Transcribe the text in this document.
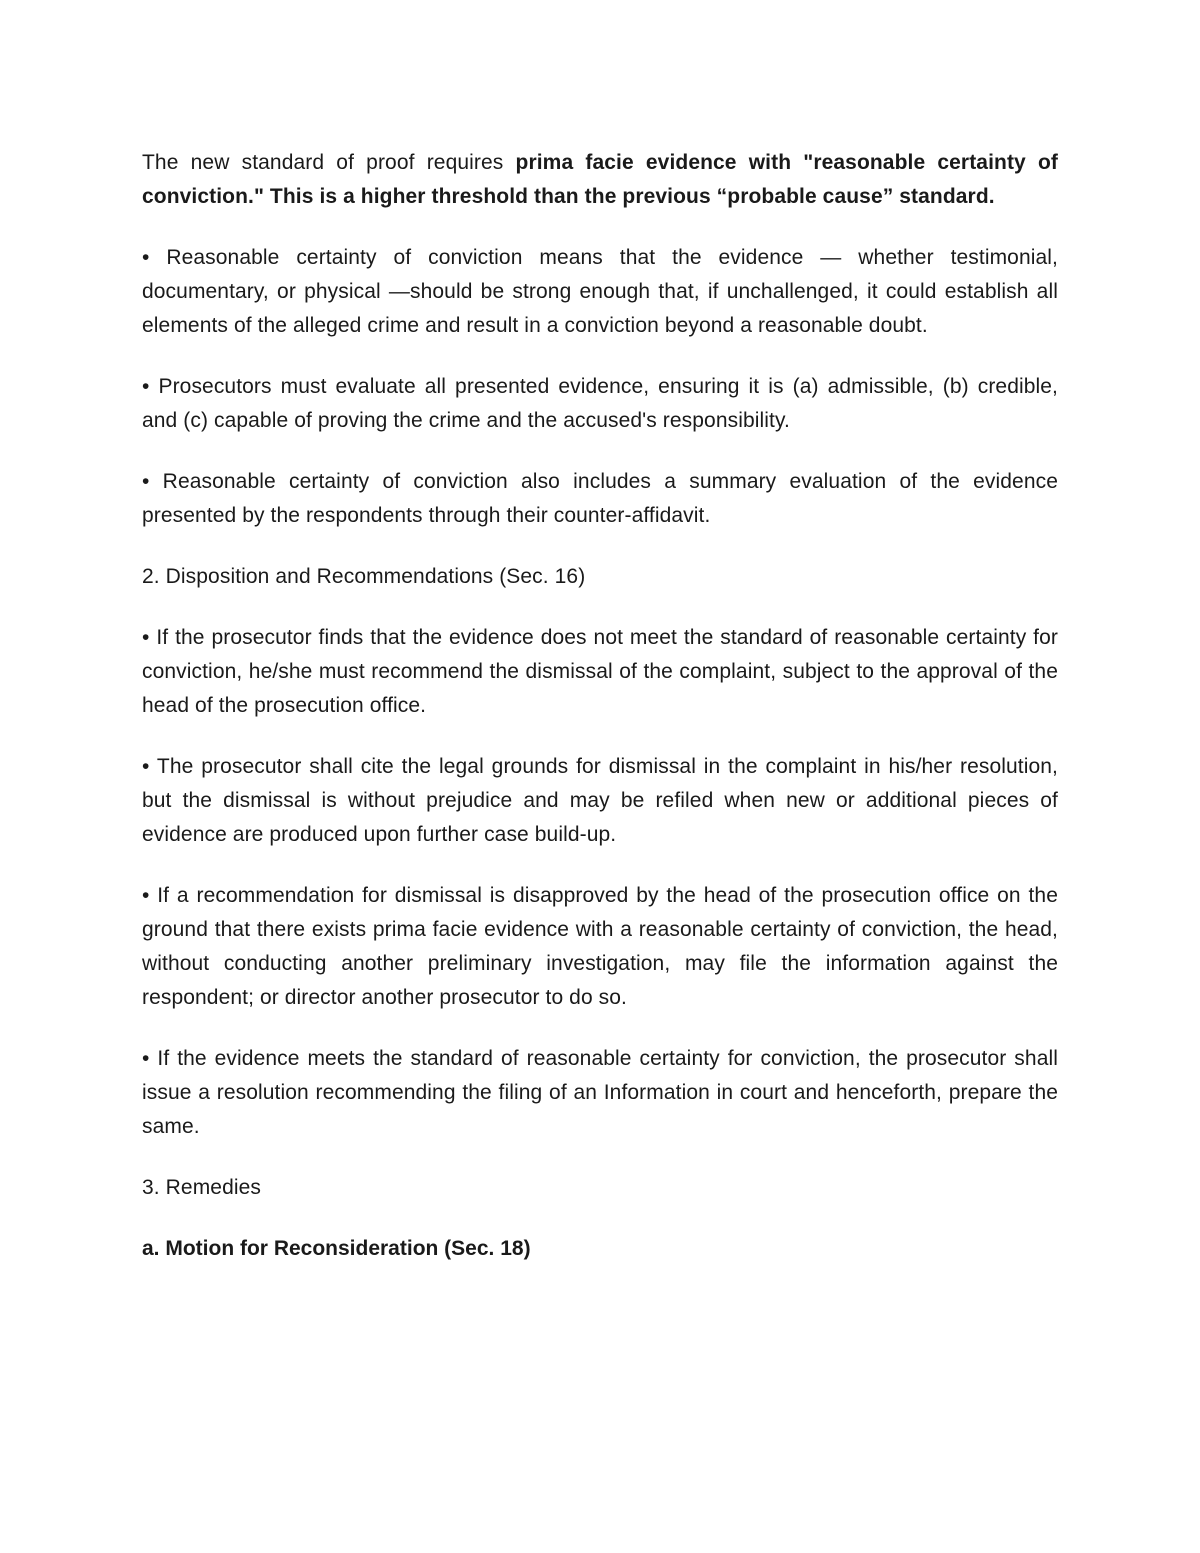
The new standard of proof requires prima facie evidence with "reasonable certainty of conviction." This is a higher threshold than the previous “probable cause” standard.

• Reasonable certainty of conviction means that the evidence — whether testimonial, documentary, or physical —should be strong enough that, if unchallenged, it could establish all elements of the alleged crime and result in a conviction beyond a reasonable doubt.

• Prosecutors must evaluate all presented evidence, ensuring it is (a) admissible, (b) credible, and (c) capable of proving the crime and the accused's responsibility.

• Reasonable certainty of conviction also includes a summary evaluation of the evidence presented by the respondents through their counter-affidavit.

2. Disposition and Recommendations (Sec. 16)

• If the prosecutor finds that the evidence does not meet the standard of reasonable certainty for conviction, he/she must recommend the dismissal of the complaint, subject to the approval of the head of the prosecution office.

• The prosecutor shall cite the legal grounds for dismissal in the complaint in his/her resolution, but the dismissal is without prejudice and may be refiled when new or additional pieces of evidence are produced upon further case build-up.

• If a recommendation for dismissal is disapproved by the head of the prosecution office on the ground that there exists prima facie evidence with a reasonable certainty of conviction, the head, without conducting another preliminary investigation, may file the information against the respondent; or director another prosecutor to do so.

• If the evidence meets the standard of reasonable certainty for conviction, the prosecutor shall issue a resolution recommending the filing of an Information in court and henceforth, prepare the same.

3. Remedies

a. Motion for Reconsideration (Sec. 18)
